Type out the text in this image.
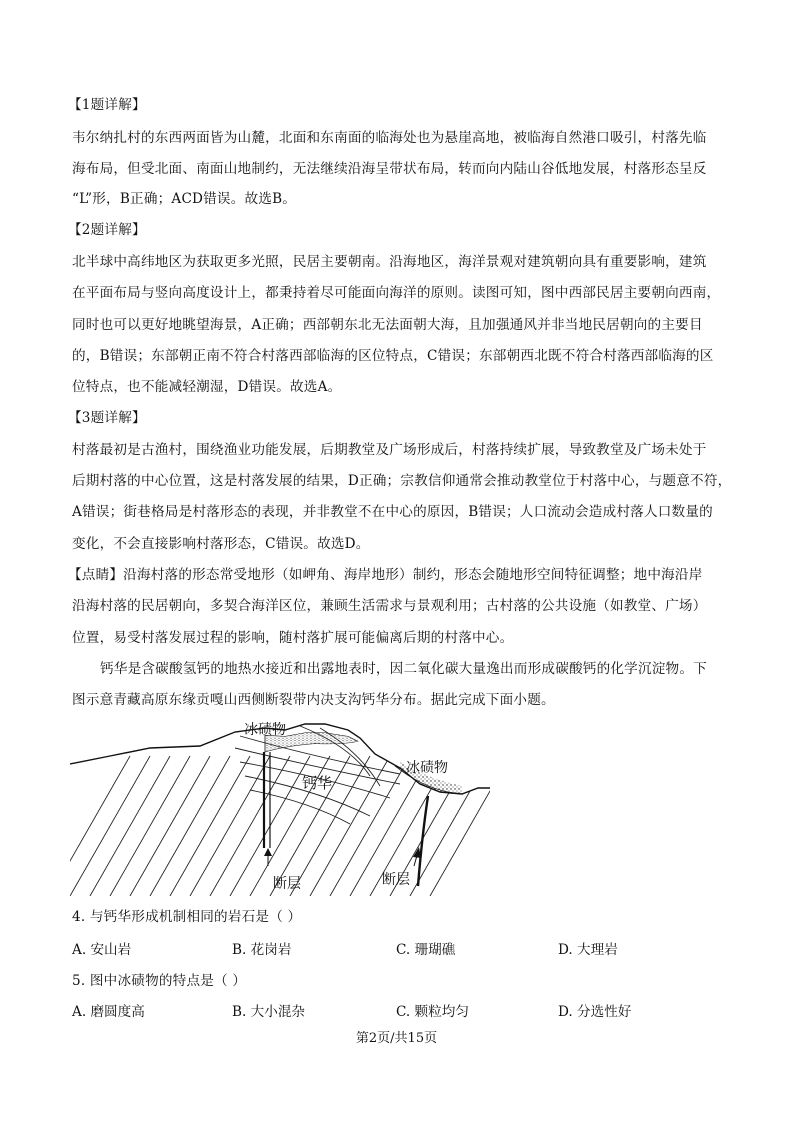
【1题详解】
韦尔纳扎村的东西两面皆为山麓，北面和东南面的临海处也为悬崖高地，被临海自然港口吸引，村落先临
海布局，但受北面、南面山地制约，无法继续沿海呈带状布局，转而向内陆山谷低地发展，村落形态呈反
“L”形，B正确；ACD错误。故选B。
【2题详解】
北半球中高纬地区为获取更多光照，民居主要朝南。沿海地区，海洋景观对建筑朝向具有重要影响，建筑
在平面布局与竖向高度设计上，都秉持着尽可能面向海洋的原则。读图可知，图中西部民居主要朝向西南，
同时也可以更好地眺望海景，A正确；西部朝东北无法面朝大海，且加强通风并非当地民居朝向的主要目
的，B错误；东部朝正南不符合村落西部临海的区位特点，C错误；东部朝西北既不符合村落西部临海的区
位特点，也不能减轻潮湿，D错误。故选A。
【3题详解】
村落最初是古渔村，围绕渔业功能发展，后期教堂及广场形成后，村落持续扩展，导致教堂及广场未处于
后期村落的中心位置，这是村落发展的结果，D正确；宗教信仰通常会推动教堂位于村落中心，与题意不符，
A错误；街巷格局是村落形态的表现，并非教堂不在中心的原因，B错误；人口流动会造成村落人口数量的
变化，不会直接影响村落形态，C错误。故选D。
【点睛】沿海村落的形态常受地形（如岬角、海岸地形）制约，形态会随地形空间特征调整；地中海沿岸
沿海村落的民居朝向，多契合海洋区位，兼顾生活需求与景观利用；古村落的公共设施（如教堂、广场）
位置，易受村落发展过程的影响，随村落扩展可能偏离后期的村落中心。
钙华是含碳酸氢钙的地热水接近和出露地表时，因二氧化碳大量逸出而形成碳酸钙的化学沉淀物。下
图示意青藏高原东缘贡嘎山西侧断裂带内决支沟钙华分布。据此完成下面小题。
冰碛物
冰碛物
钙华
断层	断层
4. 与钙华形成机制相同的岩石是（ ）
A. 安山岩	B. 花岗岩	C. 珊瑚礁	D. 大理岩
5. 图中冰碛物的特点是（ ）
A. 磨圆度高	B. 大小混杂	C. 颗粒均匀	D. 分选性好
第2页/共15页
